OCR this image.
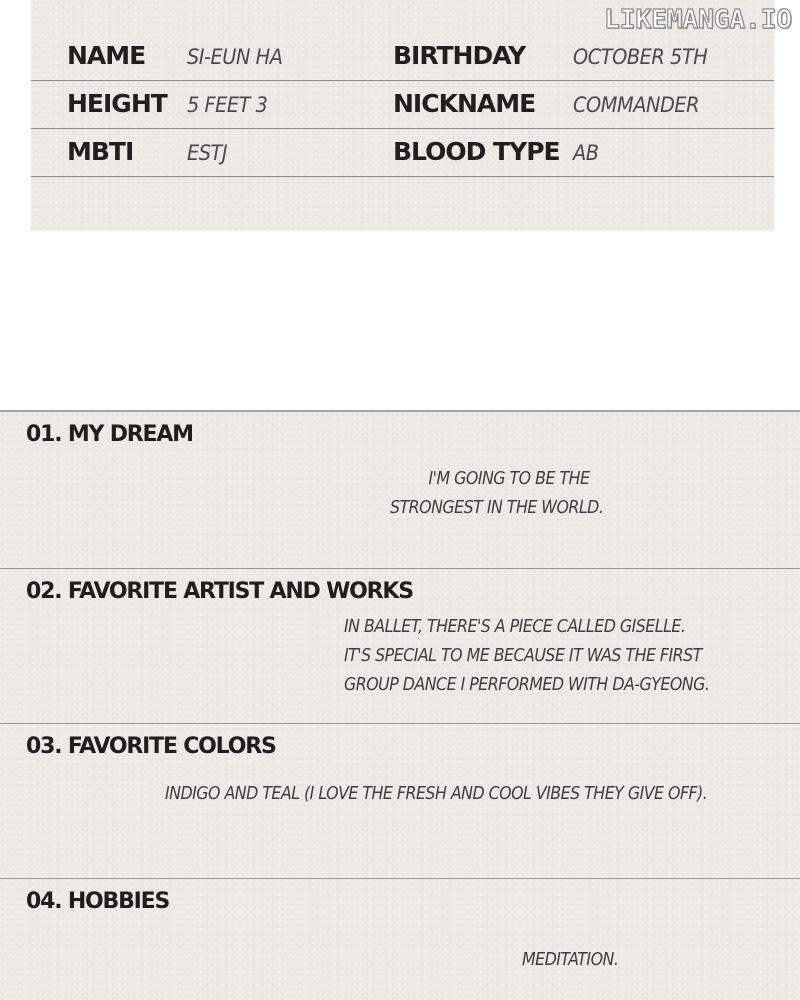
NAME SI-EUN HA	BIRTHDAY OCTOBER 5TH
HEIGHT 5 FEET 3	NICKNAME COMMANDER
MBTI	ESTJ	BLOOD TYPE AB
LIKEMANGA.IO
01. MY DREAM
I'M GOING TO BE THE
STRONGEST IN THE WORLD.
02. FAVORITE ARTIST AND WORKS
IN BALLET, THERE'S A PIECE CALLED GISELLE.
IT'S SPECIAL TO ME BECAUSE IT WAS THE FIRST
GROUP DANCE I PERFORMED WITH DA-GYEONG.
03. FAVORITE COLORS
INDIGO AND TEAL (I LOVE THE FRESH AND COOL VIBES THEY GIVE OFF).
04. HOBBIES
MEDITATION.
